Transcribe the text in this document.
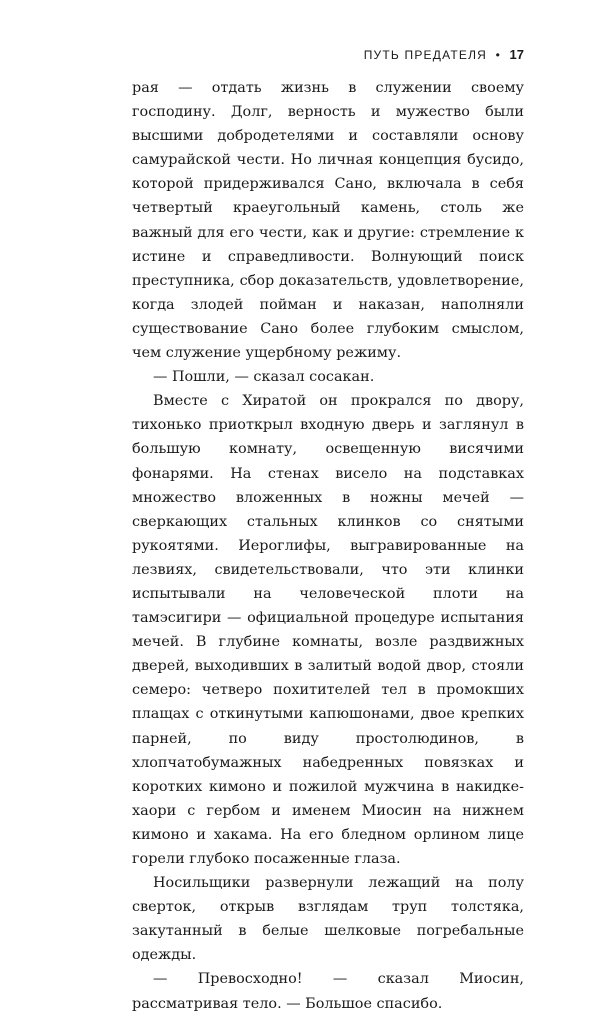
ПУТЬ ПРЕДАТЕЛЯ • 17

рая — отдать жизнь в служении своему господину. Долг, верность и мужество были высшими добродетелями и составляли основу самурайской чести. Но личная концепция бусидо, которой придерживался Сано, включала в себя четвертый краеугольный камень, столь же важный для его чести, как и другие: стремление к истине и справедливости. Волнующий поиск преступника, сбор доказательств, удовлетворение, когда злодей пойман и наказан, наполняли существование Сано более глубоким смыслом, чем служение ущербному режиму.

— Пошли, — сказал сосакан.

Вместе с Хиратой он прокрался по двору, тихонько приоткрыл входную дверь и заглянул в большую комнату, освещенную висячими фонарями. На стенах висело на подставках множество вложенных в ножны мечей — сверкающих стальных клинков со снятыми рукоятями. Иероглифы, выгравированные на лезвиях, свидетельствовали, что эти клинки испытывали на человеческой плоти на тамэсигири — официальной процедуре испытания мечей. В глубине комнаты, возле раздвижных дверей, выходивших в залитый водой двор, стояли семеро: четверо похитителей тел в промокших плащах с откинутыми капюшонами, двое крепких парней, по виду простолюдинов, в хлопчатобумажных набедренных повязках и коротких кимоно и пожилой мужчина в накидке-хаори с гербом и именем Миосин на нижнем кимоно и хакама. На его бледном орлином лице горели глубоко посаженные глаза.

Носильщики развернули лежащий на полу сверток, открыв взглядам труп толстяка, закутанный в белые шелковые погребальные одежды.

— Превосходно! — сказал Миосин, рассматривая тело. — Большое спасибо.
